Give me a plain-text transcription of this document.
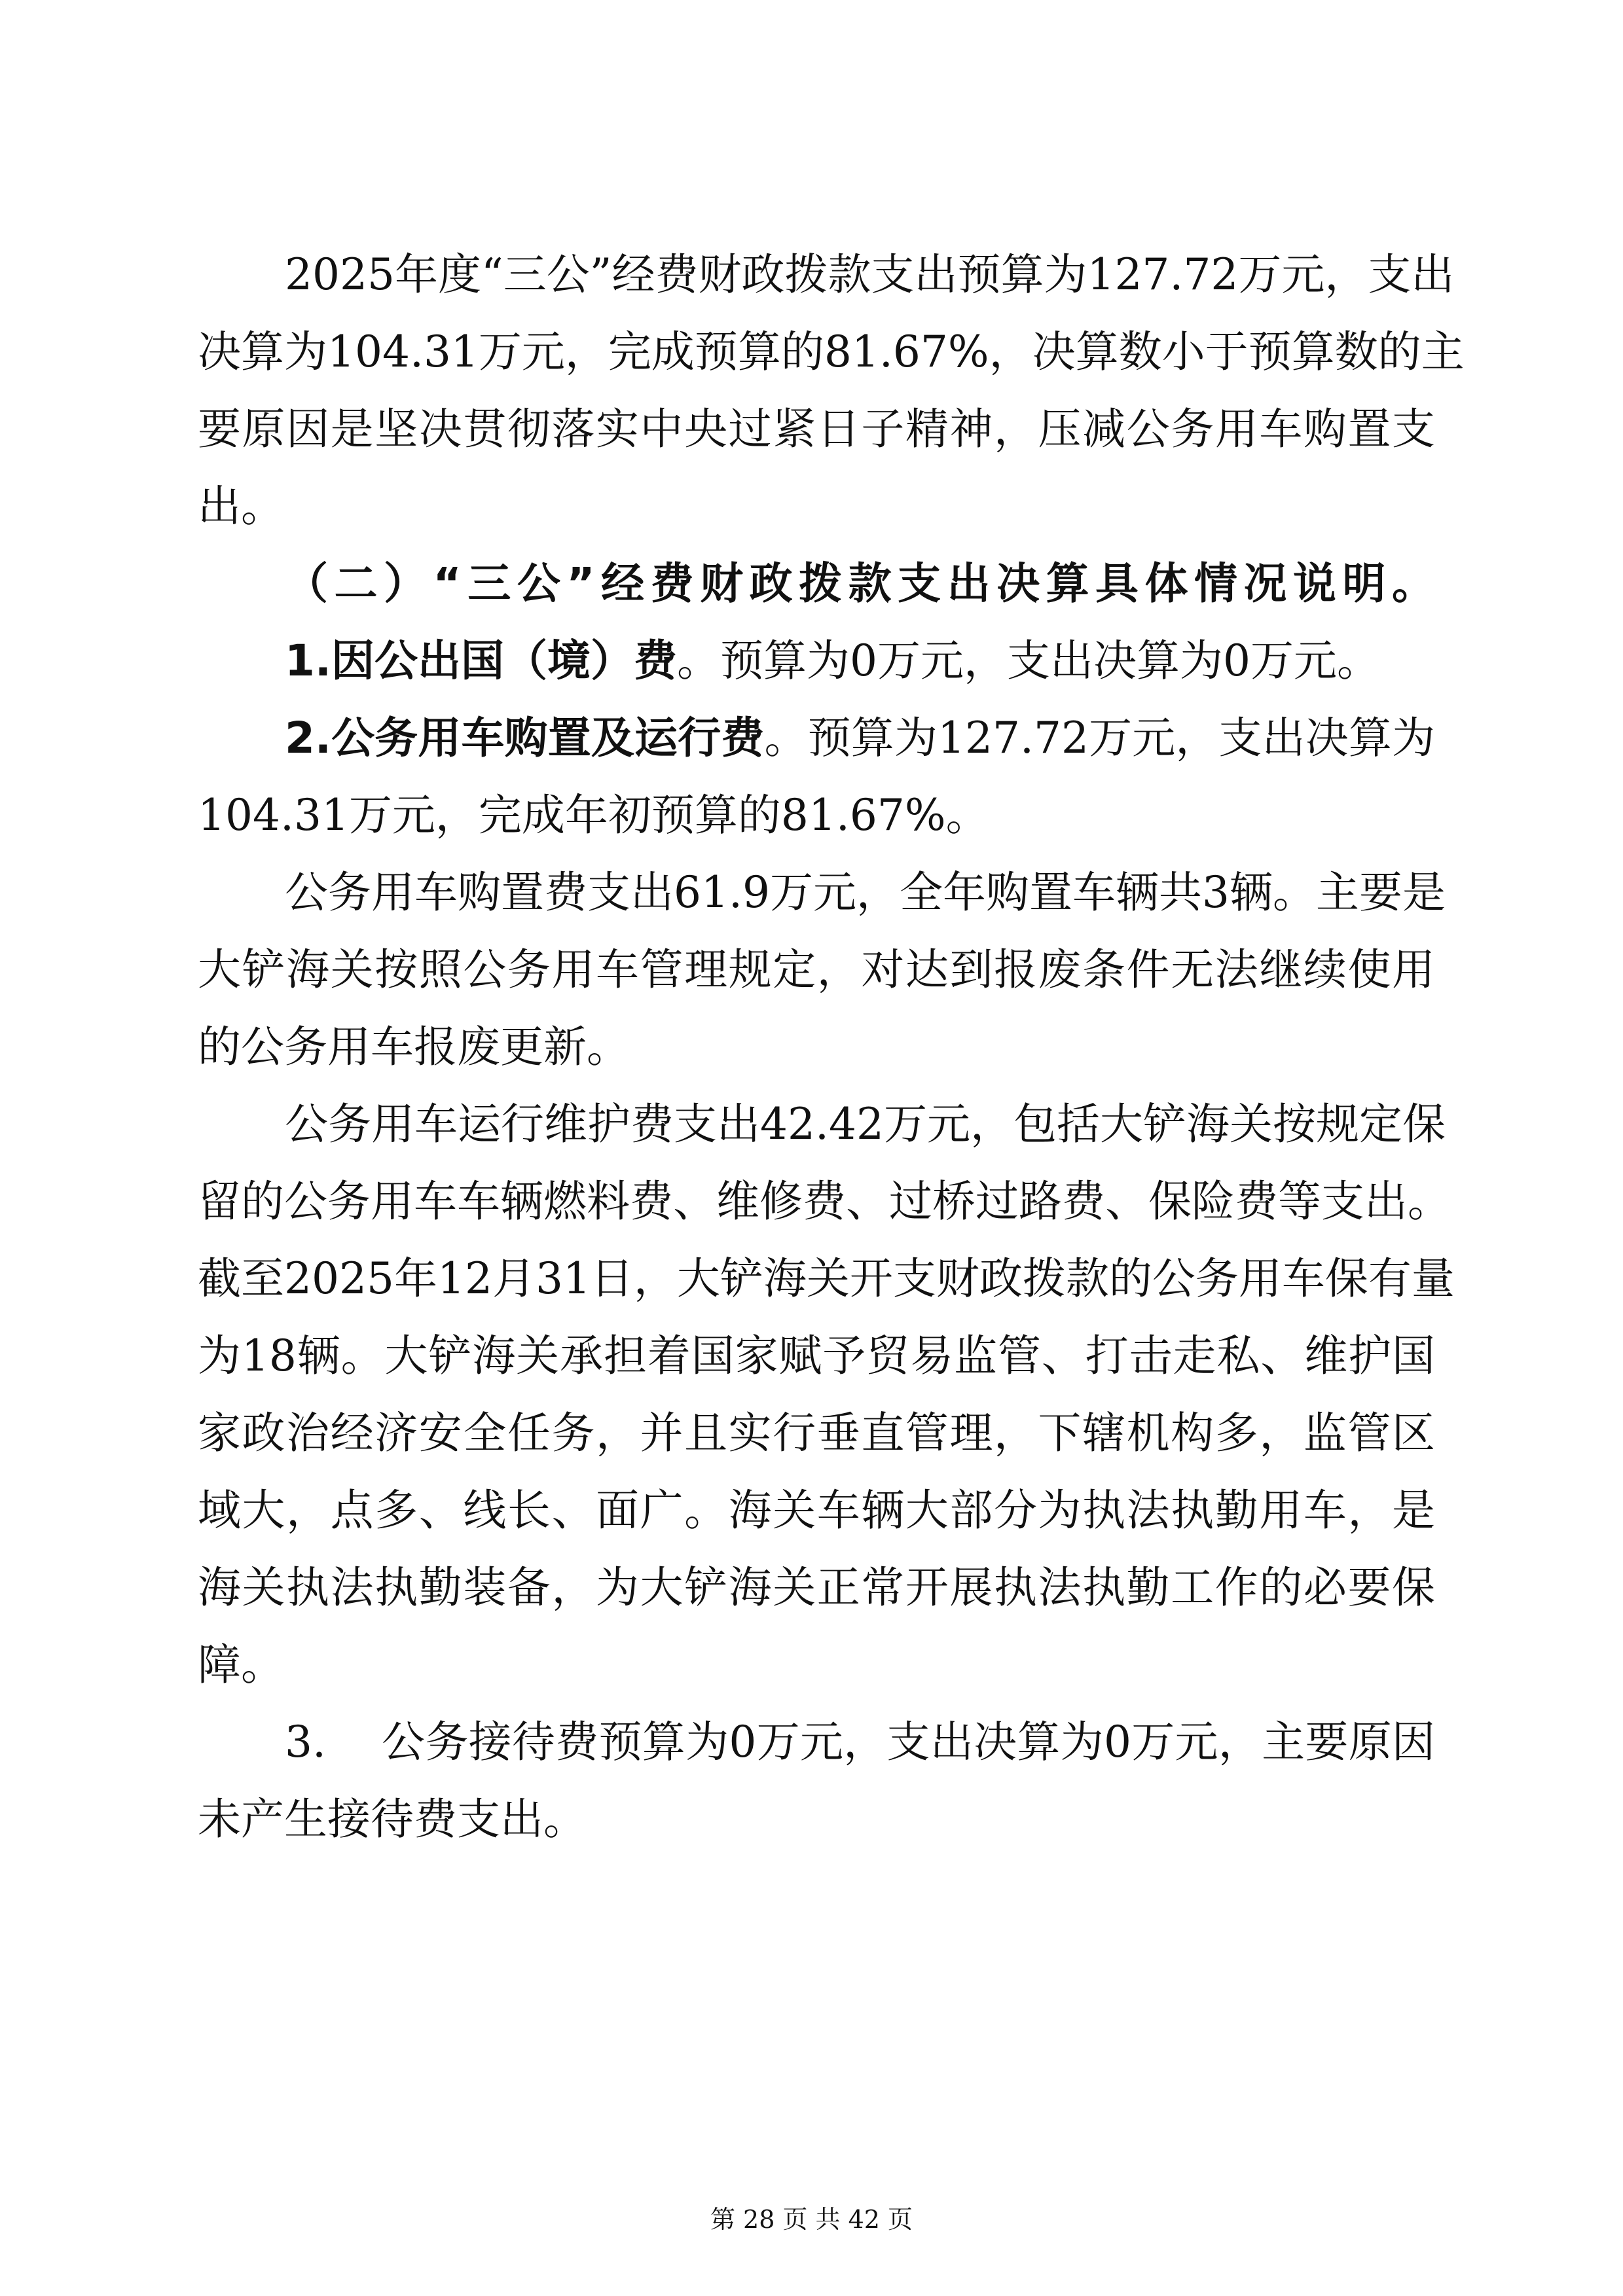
2025年度“三公”经费财政拨款支出预算为127.72万元，支出
决算为104.31万元，完成预算的81.67%，决算数小于预算数的主
要原因是坚决贯彻落实中央过紧日子精神，压减公务用车购置支
出。
（二）“三公”经费财政拨款支出决算具体情况说明。
1.因公出国（境）费。预算为0万元，支出决算为0万元。
2.公务用车购置及运行费。预算为127.72万元，支出决算为
104.31万元，完成年初预算的81.67%。
公务用车购置费支出61.9万元，全年购置车辆共3辆。主要是
大铲海关按照公务用车管理规定，对达到报废条件无法继续使用
的公务用车报废更新。
公务用车运行维护费支出42.42万元，包括大铲海关按规定保
留的公务用车车辆燃料费、维修费、过桥过路费、保险费等支出。
截至2025年12月31日，大铲海关开支财政拨款的公务用车保有量
为18辆。大铲海关承担着国家赋予贸易监管、打击走私、维护国
家政治经济安全任务，并且实行垂直管理，下辖机构多，监管区
域大，点多、线长、面广。海关车辆大部分为执法执勤用车，是
海关执法执勤装备，为大铲海关正常开展执法执勤工作的必要保
障。
3.    公务接待费预算为0万元，支出决算为0万元，主要原因
未产生接待费支出。
第 28 页 共 42 页
